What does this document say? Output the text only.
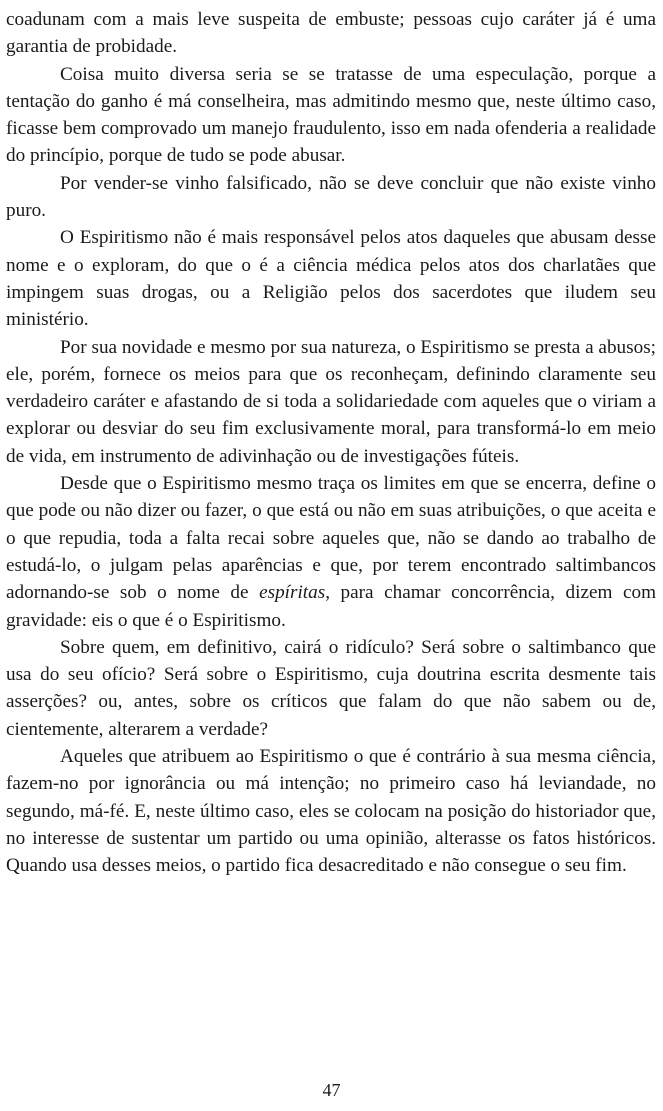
coadunam com a mais leve suspeita de embuste; pessoas cujo caráter já é uma garantia de probidade.

Coisa muito diversa seria se se tratasse de uma especulação, porque a tentação do ganho é má conselheira, mas admitindo mesmo que, neste último caso, ficasse bem comprovado um manejo fraudulento, isso em nada ofenderia a realidade do princípio, porque de tudo se pode abusar.

Por vender-se vinho falsificado, não se deve concluir que não existe vinho puro.

O Espiritismo não é mais responsável pelos atos daqueles que abusam desse nome e o exploram, do que o é a ciência médica pelos atos dos charlatães que impingem suas drogas, ou a Religião pelos dos sacerdotes que iludem seu ministério.

Por sua novidade e mesmo por sua natureza, o Espiritismo se presta a abusos; ele, porém, fornece os meios para que os reconheçam, definindo claramente seu verdadeiro caráter e afastando de si toda a solidariedade com aqueles que o viriam a explorar ou desviar do seu fim exclusivamente moral, para transformá-lo em meio de vida, em instrumento de adivinhação ou de investigações fúteis.

Desde que o Espiritismo mesmo traça os limites em que se encerra, define o que pode ou não dizer ou fazer, o que está ou não em suas atribuições, o que aceita e o que repudia, toda a falta recai sobre aqueles que, não se dando ao trabalho de estudá-lo, o julgam pelas aparências e que, por terem encontrado saltimbancos adornando-se sob o nome de espíritas, para chamar concorrência, dizem com gravidade: eis o que é o Espiritismo.

Sobre quem, em definitivo, cairá o ridículo? Será sobre o saltimbanco que usa do seu ofício? Será sobre o Espiritismo, cuja doutrina escrita desmente tais asserções? ou, antes, sobre os críticos que falam do que não sabem ou de, cientemente, alterarem a verdade?

Aqueles que atribuem ao Espiritismo o que é contrário à sua mesma ciência, fazem-no por ignorância ou má intenção; no primeiro caso há leviandade, no segundo, má-fé. E, neste último caso, eles se colocam na posição do historiador que, no interesse de sustentar um partido ou uma opinião, alterasse os fatos históricos. Quando usa desses meios, o partido fica desacreditado e não consegue o seu fim.

47
